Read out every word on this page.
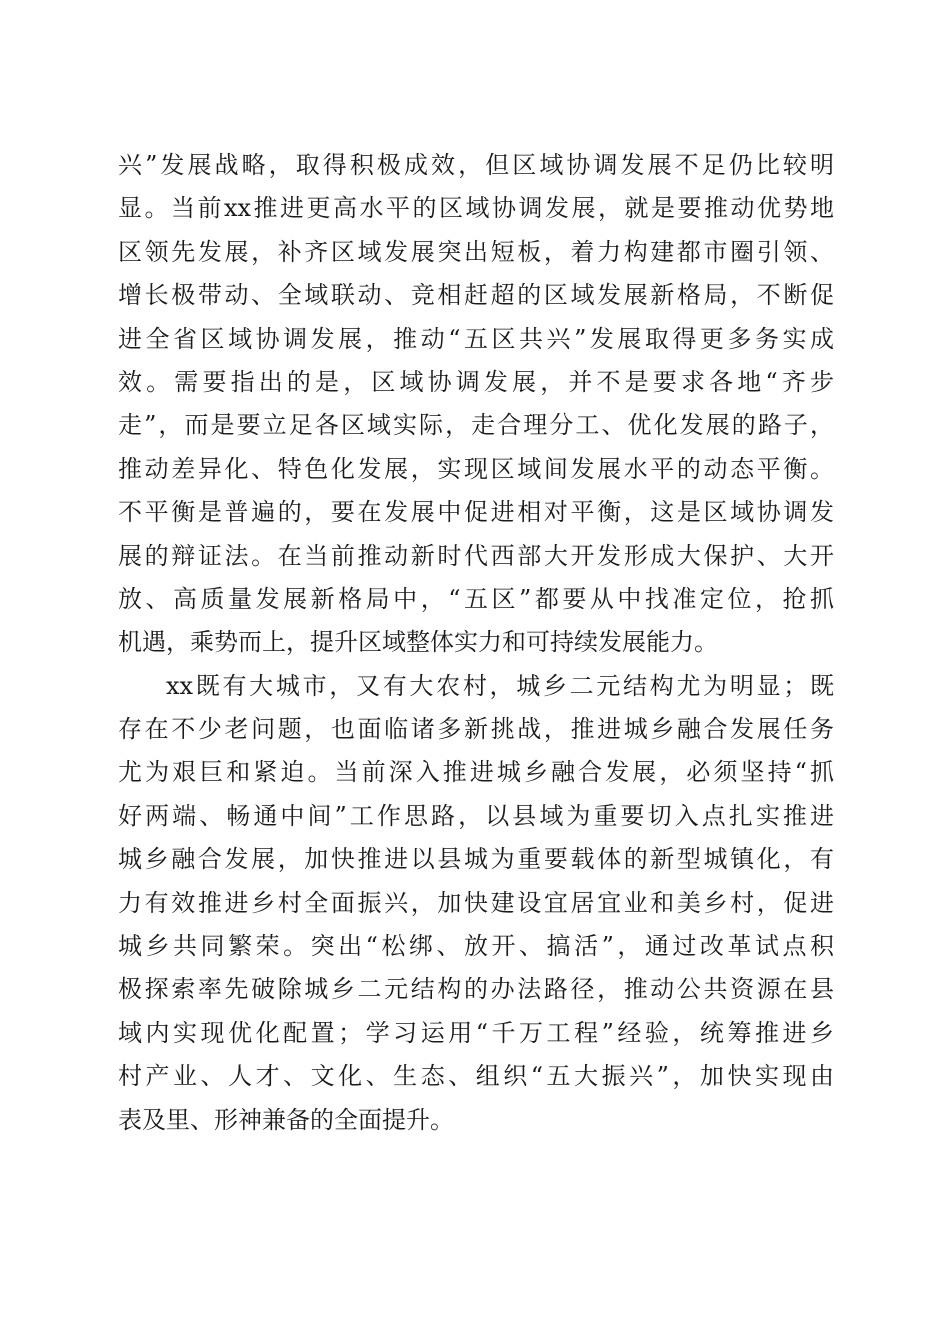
兴”发展战略，取得积极成效，但区域协调发展不足仍比较明
显。当前xx推进更高水平的区域协调发展，就是要推动优势地
区领先发展，补齐区域发展突出短板，着力构建都市圈引领、
增长极带动、全域联动、竞相赶超的区域发展新格局，不断促
进全省区域协调发展，推动“五区共兴”发展取得更多务实成
效。需要指出的是，区域协调发展，并不是要求各地“齐步
走”，而是要立足各区域实际，走合理分工、优化发展的路子，
推动差异化、特色化发展，实现区域间发展水平的动态平衡。
不平衡是普遍的，要在发展中促进相对平衡，这是区域协调发
展的辩证法。在当前推动新时代西部大开发形成大保护、大开
放、高质量发展新格局中，“五区”都要从中找准定位，抢抓
机遇，乘势而上，提升区域整体实力和可持续发展能力。
xx既有大城市，又有大农村，城乡二元结构尤为明显；既
存在不少老问题，也面临诸多新挑战，推进城乡融合发展任务
尤为艰巨和紧迫。当前深入推进城乡融合发展，必须坚持“抓
好两端、畅通中间”工作思路，以县域为重要切入点扎实推进
城乡融合发展，加快推进以县城为重要载体的新型城镇化，有
力有效推进乡村全面振兴，加快建设宜居宜业和美乡村，促进
城乡共同繁荣。突出“松绑、放开、搞活”，通过改革试点积
极探索率先破除城乡二元结构的办法路径，推动公共资源在县
域内实现优化配置；学习运用“千万工程”经验，统筹推进乡
村产业、人才、文化、生态、组织“五大振兴”，加快实现由
表及里、形神兼备的全面提升。
